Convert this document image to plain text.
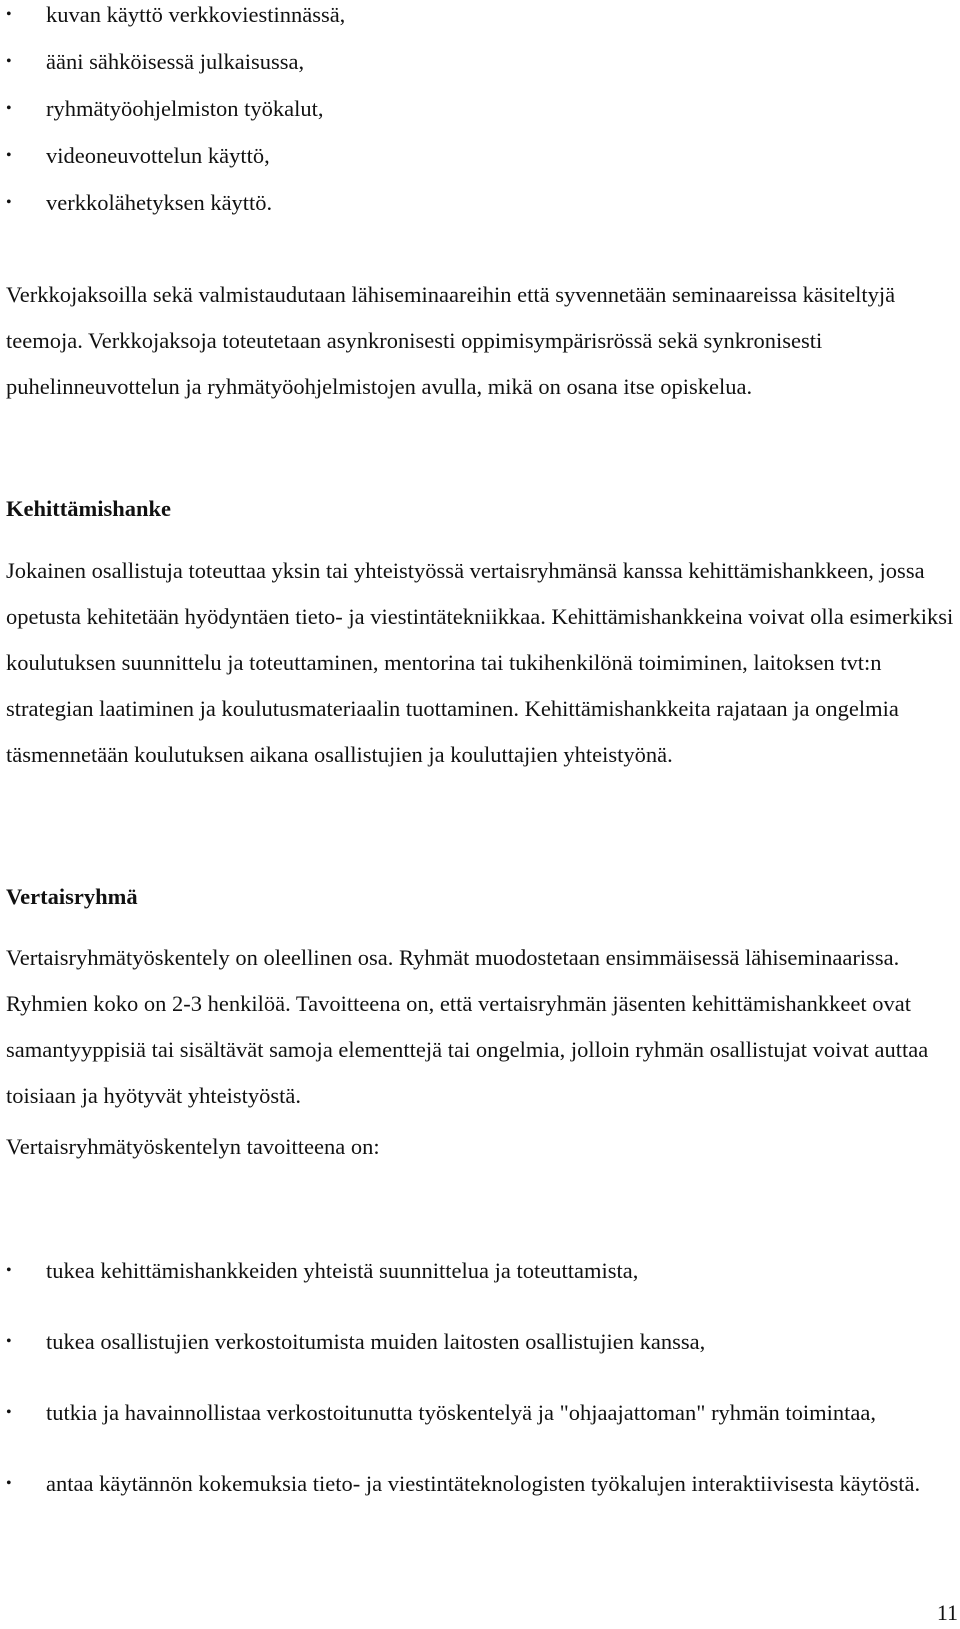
• kuvan käyttö verkkoviestinnässä,
• ääni sähköisessä julkaisussa,
• ryhmätyöohjelmiston työkalut,
• videoneuvottelun käyttö,
• verkkolähetyksen käyttö.

Verkkojaksoilla sekä valmistaudutaan lähiseminaareihin että syvennetään seminaareissa käsiteltyjä teemoja. Verkkojaksoja toteutetaan asynkronisesti oppimisympärisrössä sekä synkronisesti puhelinneuvottelun ja ryhmätyöohjelmistojen avulla, mikä on osana itse opiskelua.

Kehittämishanke

Jokainen osallistuja toteuttaa yksin tai yhteistyössä vertaisryhmänsä kanssa kehittämishankkeen, jossa opetusta kehitetään hyödyntäen tieto- ja viestintätekniikkaa. Kehittämishankkeina voivat olla esimerkiksi koulutuksen suunnittelu ja toteuttaminen, mentorina tai tukihenkilönä toimiminen, laitoksen tvt:n strategian laatiminen ja koulutusmateriaalin tuottaminen. Kehittämishankkeita rajataan ja ongelmia täsmennetään koulutuksen aikana osallistujien ja kouluttajien yhteistyönä.

Vertaisryhmä

Vertaisryhmätyöskentely on oleellinen osa. Ryhmät muodostetaan ensimmäisessä lähiseminaarissa. Ryhmien koko on 2-3 henkilöä. Tavoitteena on, että vertaisryhmän jäsenten kehittämishankkeet ovat samantyyppisiä tai sisältävät samoja elementtejä tai ongelmia, jolloin ryhmän osallistujat voivat auttaa toisiaan ja hyötyvät yhteistyöstä.

Vertaisryhmätyöskentelyn tavoitteena on:

• tukea kehittämishankkeiden yhteistä suunnittelua ja toteuttamista,
• tukea osallistujien verkostoitumista muiden laitosten osallistujien kanssa,
• tutkia ja havainnollistaa verkostoitunutta työskentelyä ja "ohjaajattoman" ryhmän toimintaa,
• antaa käytännön kokemuksia tieto- ja viestintäteknologisten työkalujen interaktiivisesta käytöstä.
11
